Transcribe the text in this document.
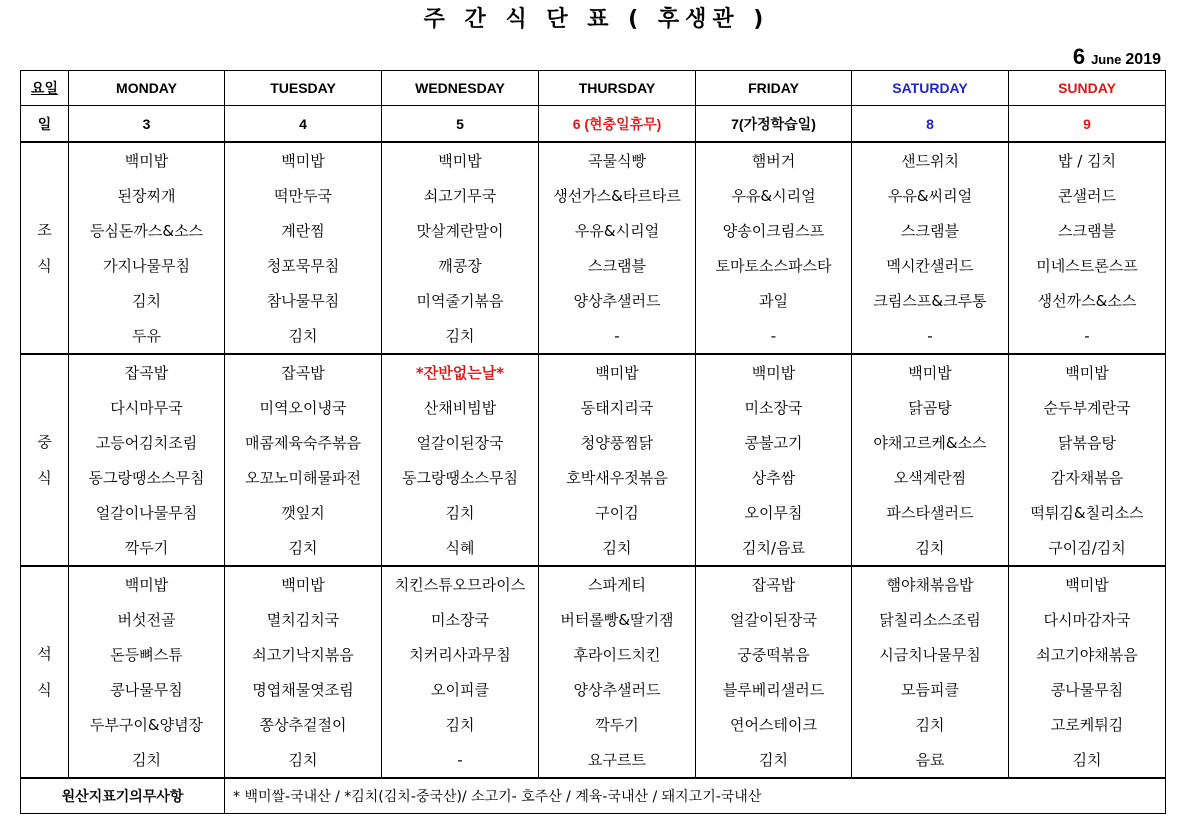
주 간 식 단 표 ( 후생관 )
6 June 2019
요일	MONDAY	TUESDAY	WEDNESDAY	THURSDAY	FRIDAY	SATURDAY	SUNDAY
일	3	4	5	6 (현충일휴무)	7(가정학습일)	8	9

조
식	백미밥	백미밥	백미밥	곡물식빵	햄버거	샌드위치	밥 / 김치
	된장찌개	떡만두국	쇠고기무국	생선가스&타르타르	우유&시리얼	우유&씨리얼	콘샐러드
	등심돈까스&소스	계란찜	맛살계란말이	우유&시리얼	양송이크림스프	스크램블	스크램블
	가지나물무침	청포묵무침	깨콩장	스크램블	토마토소스파스타	멕시칸샐러드	미네스트론스프
	김치	참나물무침	미역줄기볶음	양상추샐러드	과일	크림스프&크루통	생선까스&소스
	두유	김치	김치	-	-	-	-

중
식	잡곡밥	잡곡밥	*잔반없는날*	백미밥	백미밥	백미밥	백미밥
	다시마무국	미역오이냉국	산채비빔밥	동태지리국	미소장국	닭곰탕	순두부계란국
	고등어김치조림	매콤제육숙주볶음	얼갈이된장국	청양풍찜닭	콩불고기	야채고르케&소스	닭볶음탕
	동그랑땡소스무침	오꼬노미해물파전	동그랑땡소스무침	호박새우젓볶음	상추쌈	오색계란찜	감자채볶음
	얼갈이나물무침	깻잎지	김치	구이김	오이무침	파스타샐러드	떡튀김&칠리소스
	깍두기	김치	식혜	김치	김치/음료	김치	구이김/김치

석
식	백미밥	백미밥	치킨스튜오므라이스	스파게티	잡곡밥	햄야채볶음밥	백미밥
	버섯전골	멸치김치국	미소장국	버터롤빵&딸기잼	얼갈이된장국	닭칠리소스조림	다시마감자국
	돈등뼈스튜	쇠고기낙지볶음	치커리사과무침	후라이드치킨	궁중떡볶음	시금치나물무침	쇠고기야채볶음
	콩나물무침	명엽채물엿조림	오이피클	양상추샐러드	블루베리샐러드	모듬피클	콩나물무침
	두부구이&양념장	쫑상추겉절이	김치	깍두기	연어스테이크	김치	고로케튀김
	김치	김치	-	요구르트	김치	음료	김치
원산지표기의무사항		* 백미쌀-국내산 / *김치(김치-중국산)/ 소고기- 호주산 / 계육-국내산 / 돼지고기-국내산					
